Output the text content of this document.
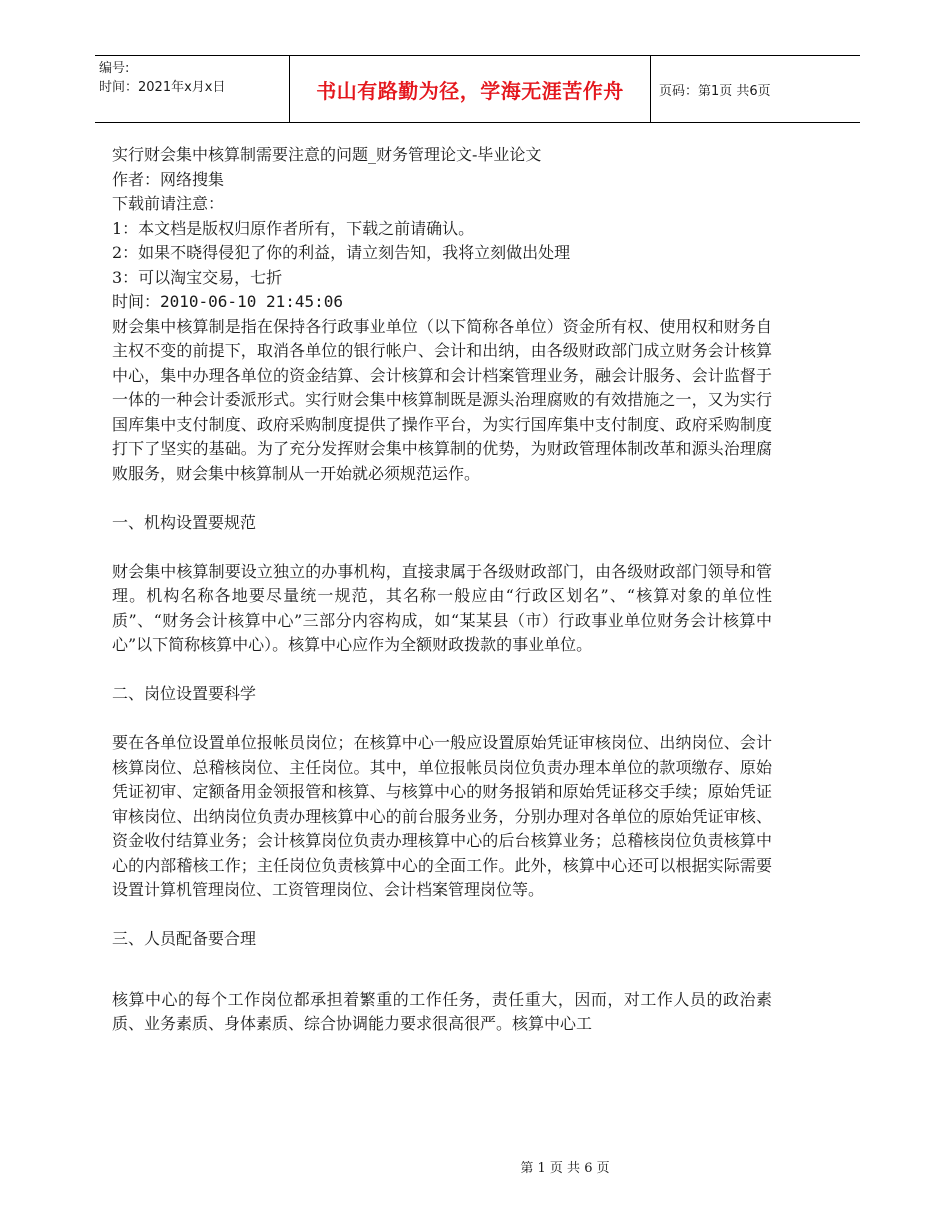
编号:
时间：2021年x月x日	书山有路勤为径，学海无涯苦作舟	页码：第1页 共6页

实行财会集中核算制需要注意的问题_财务管理论文-毕业论文

作者：网络搜集

下载前请注意：

1：本文档是版权归原作者所有，下载之前请确认。

2：如果不晓得侵犯了你的利益，请立刻告知，我将立刻做出处理

3：可以淘宝交易，七折

时间：2010-06-10 21:45:06

财会集中核算制是指在保持各行政事业单位（以下简称各单位）资金所有权、使用权和财务自主权不变的前提下，取消各单位的银行帐户、会计和出纳，由各级财政部门成立财务会计核算中心，集中办理各单位的资金结算、会计核算和会计档案管理业务，融会计服务、会计监督于一体的一种会计委派形式。实行财会集中核算制既是源头治理腐败的有效措施之一，又为实行国库集中支付制度、政府采购制度提供了操作平台，为实行国库集中支付制度、政府采购制度打下了坚实的基础。为了充分发挥财会集中核算制的优势，为财政管理体制改革和源头治理腐败服务，财会集中核算制从一开始就必须规范运作。

一、机构设置要规范

财会集中核算制要设立独立的办事机构，直接隶属于各级财政部门，由各级财政部门领导和管理。机构名称各地要尽量统一规范，其名称一般应由“行政区划名”、“核算对象的单位性质”、“财务会计核算中心”三部分内容构成，如“某某县（市）行政事业单位财务会计核算中心”以下简称核算中心）。核算中心应作为全额财政拨款的事业单位。

二、岗位设置要科学

要在各单位设置单位报帐员岗位；在核算中心一般应设置原始凭证审核岗位、出纳岗位、会计核算岗位、总稽核岗位、主任岗位。其中，单位报帐员岗位负责办理本单位的款项缴存、原始凭证初审、定额备用金领报管和核算、与核算中心的财务报销和原始凭证移交手续；原始凭证审核岗位、出纳岗位负责办理核算中心的前台服务业务，分别办理对各单位的原始凭证审核、资金收付结算业务；会计核算岗位负责办理核算中心的后台核算业务；总稽核岗位负责核算中心的内部稽核工作；主任岗位负责核算中心的全面工作。此外，核算中心还可以根据实际需要设置计算机管理岗位、工资管理岗位、会计档案管理岗位等。

三、人员配备要合理

核算中心的每个工作岗位都承担着繁重的工作任务，责任重大，因而，对工作人员的政治素质、业务素质、身体素质、综合协调能力要求很高很严。核算中心工

第 1 页 共 6 页
